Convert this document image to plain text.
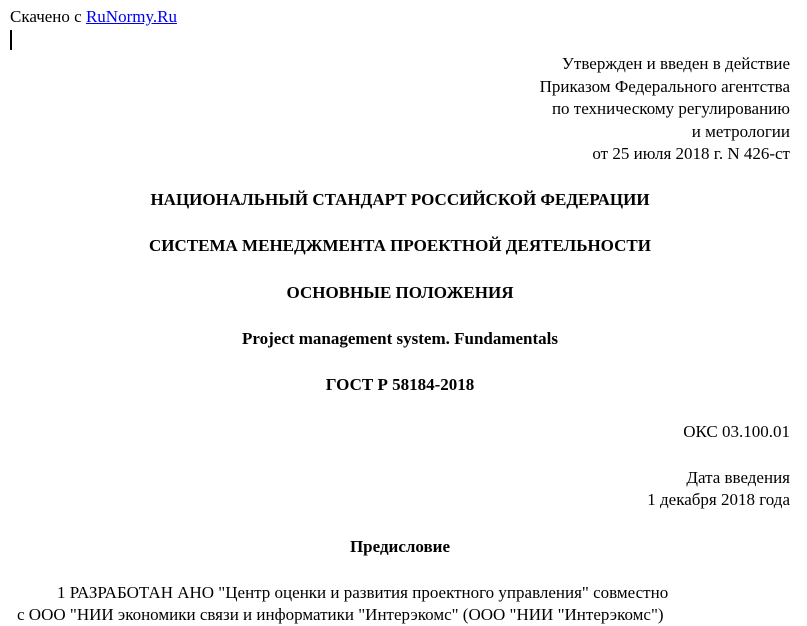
Скачено с RuNormy.Ru
Утвержден и введен в действие
Приказом Федерального агентства
по техническому регулированию
и метрологии
от 25 июля 2018 г. N 426-ст
НАЦИОНАЛЬНЫЙ СТАНДАРТ РОССИЙСКОЙ ФЕДЕРАЦИИ
СИСТЕМА МЕНЕДЖМЕНТА ПРОЕКТНОЙ ДЕЯТЕЛЬНОСТИ
ОСНОВНЫЕ ПОЛОЖЕНИЯ
Project management system. Fundamentals
ГОСТ Р 58184-2018
ОКС 03.100.01
Дата введения
1 декабря 2018 года
Предисловие
1 РАЗРАБОТАН АНО "Центр оценки и развития проектного управления" совместно
с ООО "НИИ экономики связи и информатики "Интерэкомс" (ООО "НИИ "Интерэкомс")
